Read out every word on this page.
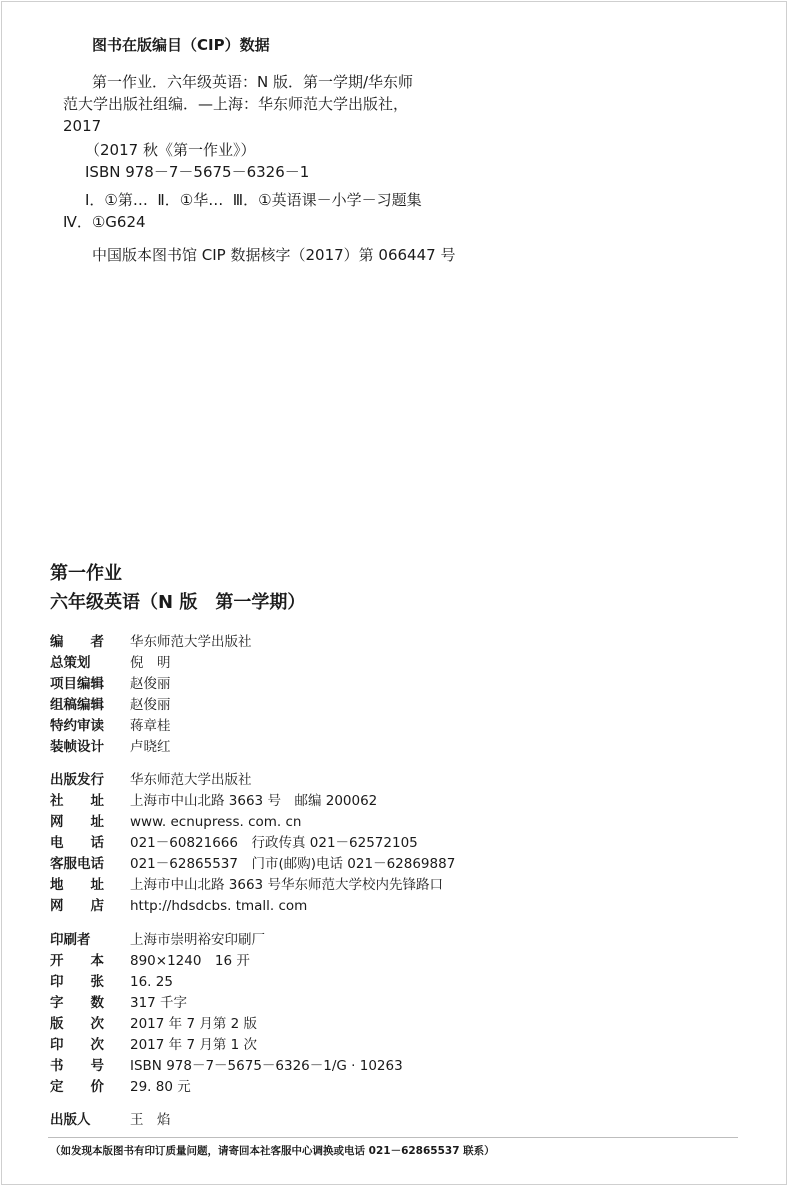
图书在版编目（CIP）数据
第一作业．六年级英语：N 版．第一学期/华东师
范大学出版社组编．—上海：华东师范大学出版社，
2017
（2017 秋《第一作业》）
ISBN 978－7－5675－6326－1
Ⅰ．①第…  Ⅱ．①华…  Ⅲ．①英语课－小学－习题集
Ⅳ．①G624
中国版本图书馆 CIP 数据核字（2017）第 066447 号
第一作业
六年级英语（N 版　第一学期）

编　　者

	华东师范大学出版社

总策划

	倪　明

项目编辑

	赵俊丽

组稿编辑

	赵俊丽

特约审读

	蒋章桂

装帧设计

	卢晓红

出版发行

	华东师范大学出版社

社　　址

	上海市中山北路 3663 号　邮编 200062

网　　址

	www. ecnupress. com. cn

电　　话

	021－60821666　行政传真 021－62572105

客服电话

	021－62865537　门市(邮购)电话 021－62869887

地　　址

	上海市中山北路 3663 号华东师范大学校内先锋路口

网　　店

	http://hdsdcbs. tmall. com

印刷者

	上海市崇明裕安印刷厂

开　　本

	890×1240　16 开

印　　张

	16. 25

字　　数

	317 千字

版　　次

	2017 年 7 月第 2 版

印　　次

	2017 年 7 月第 1 次

书　　号

	ISBN 978－7－5675－6326－1/G · 10263

定　　价

	29. 80 元

出版人

	王　焰

（如发现本版图书有印订质量问题，请寄回本社客服中心调换或电话 021－62865537 联系）
